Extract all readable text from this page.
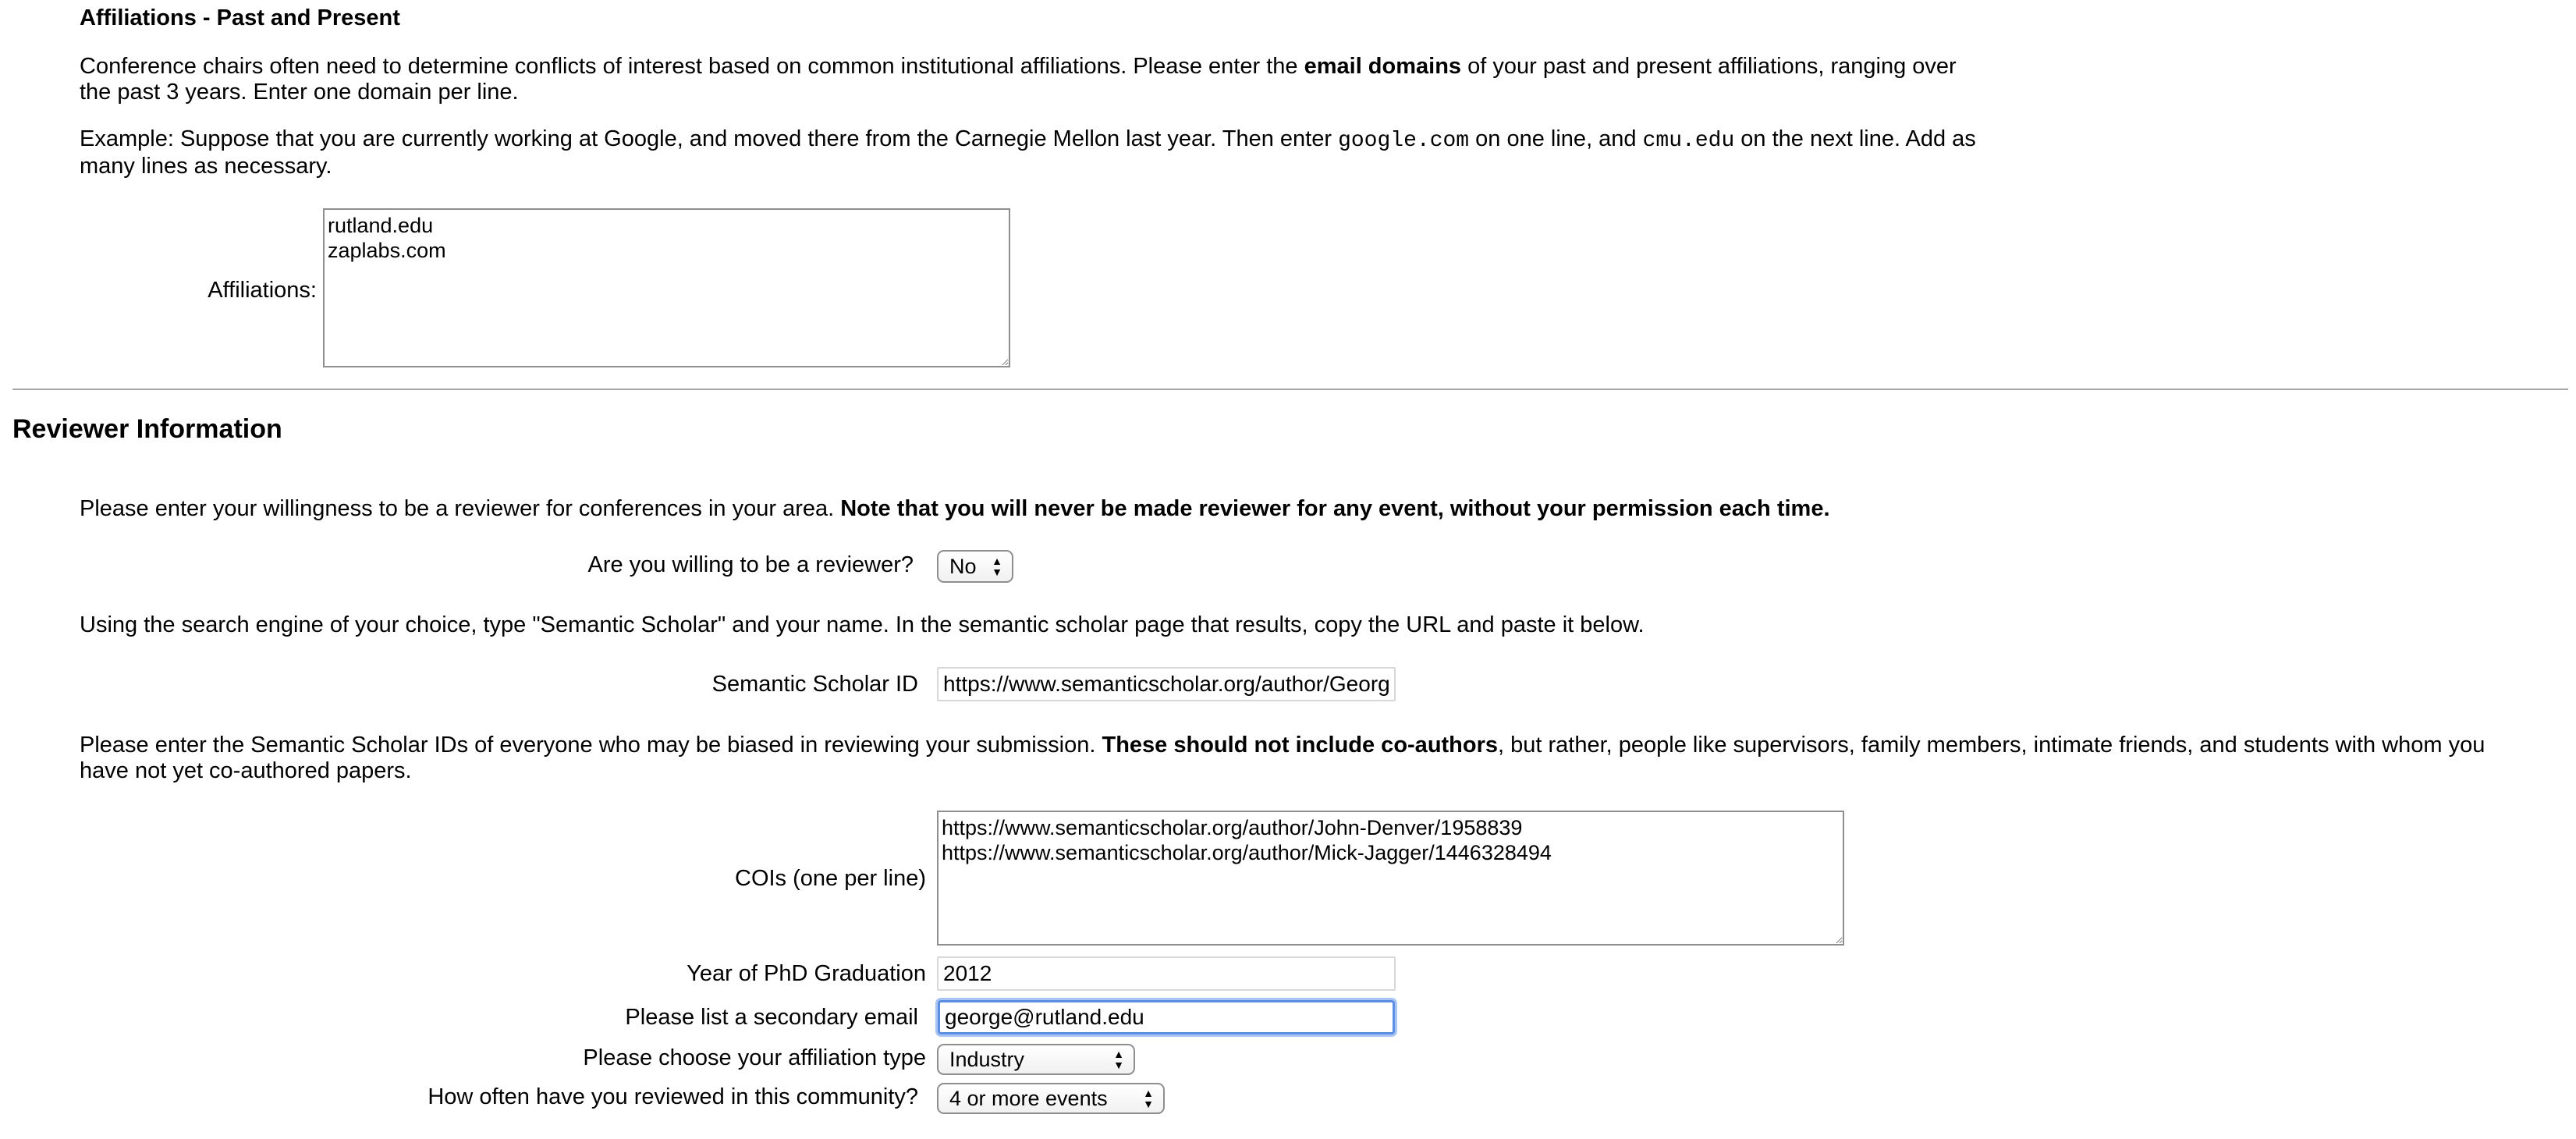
Affiliations - Past and Present

Conference chairs often need to determine conflicts of interest based on common institutional affiliations. Please enter the email domains of your past and present affiliations, ranging over the past 3 years. Enter one domain per line.

Example: Suppose that you are currently working at Google, and moved there from the Carnegie Mellon last year. Then enter google.com on one line, and cmu.edu on the next line. Add as many lines as necessary.

Affiliations:
rutland.edu zaplabs.com
Reviewer Information

Please enter your willingness to be a reviewer for conferences in your area. Note that you will never be made reviewer for any event, without your permission each time.

Are you willing to be a reviewer? No ▲
▼

Using the search engine of your choice, type "Semantic Scholar" and your name. In the semantic scholar page that results, copy the URL and paste it below.

Semantic Scholar ID
https://www.semanticscholar.org/author/George

Please enter the Semantic Scholar IDs of everyone who may be biased in reviewing your submission. These should not include co-authors, but rather, people like supervisors, family members, intimate friends, and students with whom you have not yet co-authored papers.

COIs (one per line)
https://www.semanticscholar.org/author/John-Denver/1958839 https://www.semanticscholar.org/author/Mick-Jagger/1446328494
Year of PhD Graduation
2012
Please list a secondary email
george@rutland.edu
Please choose your affiliation type Industry	▲
▼
How often have you reviewed in this community? 4 or more events	▲
▼
